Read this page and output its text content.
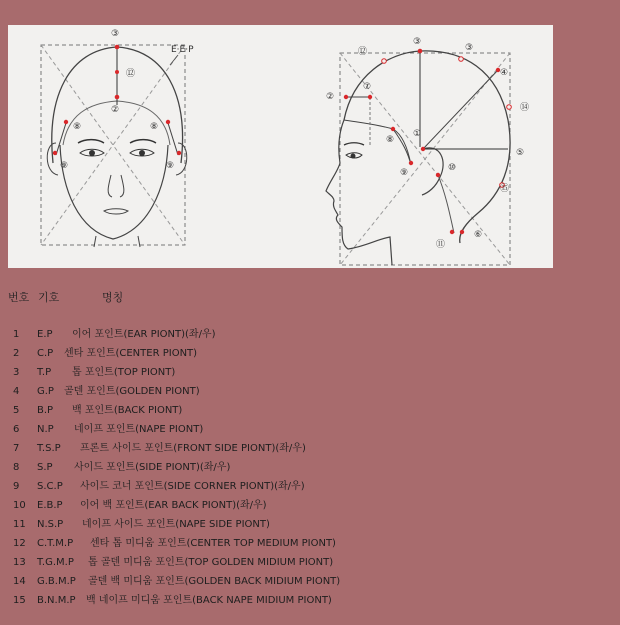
③
⑫
②
⑧	⑧
⑨	⑨
E·E·P	⑫
③
③
④
⑦
②
⑭
①
⑧
⑤
⑨	⑩
⑮
⑥
⑪
번호 기호	명칭
1	E.P 이어 포인트(EAR PIONT)(좌/우)
2	C.P 센타 포인트(CENTER PIONT)
3	T.P 톱 포인트(TOP PIONT)
4	G.P 골덴 포인트(GOLDEN PIONT)
5	B.P 백 포인트(BACK PIONT)
6	N.P 네이프 포인트(NAPE PIONT)
7	T.S.P 프론트 사이드 포인트(FRONT SIDE PIONT)(좌/우)
8	S.P 사이드 포인트(SIDE PIONT)(좌/우)
9	S.C.P 사이드 코너 포인트(SIDE CORNER PIONT)(좌/우)
10 E.B.P 이어 백 포인트(EAR BACK PIONT)(좌/우)
11 N.S.P 네이프 사이드 포인트(NAPE SIDE PIONT)
12 C.T.M.P 센타 톱 미디움 포인트(CENTER TOP MEDIUM PIONT)
13 T.G.M.P 톱 골덴 미디움 포인트(TOP GOLDEN MIDIUM PIONT)
14 G.B.M.P 골덴 백 미디움 포인트(GOLDEN BACK MIDIUM PIONT)
15 B.N.M.P 백 네이프 미디움 포인트(BACK NAPE MIDIUM PIONT)
